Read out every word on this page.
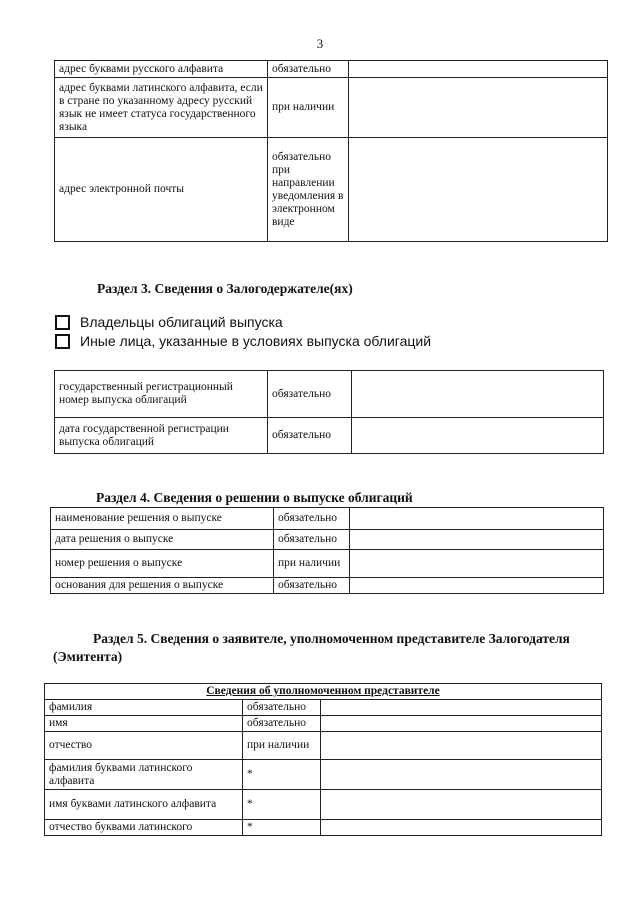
3
адрес буквами русского алфавита	обязательно	
адрес буквами латинского алфавита, если в стране по указанному адресу русский язык не имеет статуса государственного языка	при наличии	
адрес электронной почты	обязательно при направлении уведомления в электронном виде	
Раздел 3. Сведения о Залогодержателе(ях)
Владельцы облигаций выпуска
Иные лица, указанные в условиях выпуска облигаций
государственный регистрационный номер выпуска облигаций	обязательно	
дата государственной регистрации выпуска облигаций	обязательно	
Раздел 4. Сведения о решении о выпуске облигаций
наименование решения о выпуске	обязательно	
дата решения о выпуске	обязательно	
номер решения о выпуске	при наличии	
основания для решения о выпуске	обязательно	
Раздел 5. Сведения о заявителе, уполномоченном представителе Залогодателя
(Эмитента)
Сведения об уполномоченном представителе		
фамилия	обязательно	
имя	обязательно	
отчество	при наличии	
фамилия буквами латинского алфавита	*	
имя буквами латинского алфавита	*	
отчество буквами латинского	*	
